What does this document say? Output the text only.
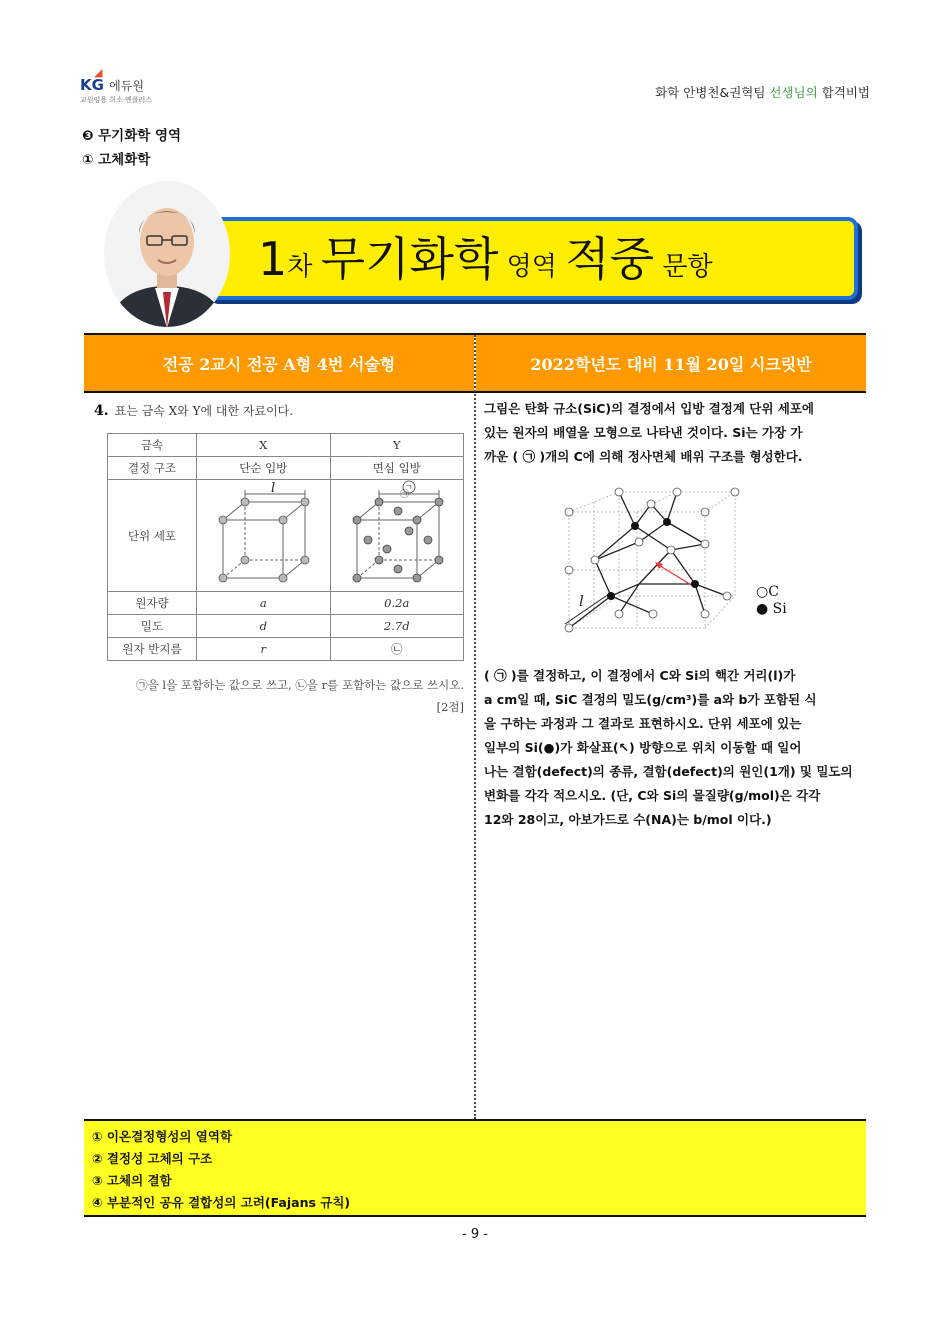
◢
KG 에듀원
교원임용 희소·멘플러스	화학 안병천&권혁팀 선생님의 합격비법
❸ 무기화학 영역
① 고체화학
1차 무기화학 영역 적중 문항
전공 2교시 전공 A형 4번 서술형	2022학년도 대비 11월 20일 시크릿반
4. 표는 금속 X와 Y에 대한 자료이다.
금속	X	Y
결정 구조	단순 입방	면심 입방
단위 세포	l	ㄱ

원자량	a	0.2a
밀도	d	2.7d
원자 반지름	r	㉡
㉠
㉠을 l을 포함하는 값으로 쓰고, ㉡을 r를 포함하는 값으로 쓰시오.
[2점]
그림은 탄화 규소(SiC)의 결정에서 입방 결정계 단위 세포에
있는 원자의 배열을 모형으로 나타낸 것이다. Si는 가장 가
까운 ( ㉠ )개의 C에 의해 정사면체 배위 구조를 형성한다.
l	○C
● Si
( ㉠ )를 결정하고, 이 결정에서 C와 Si의 핵간 거리(l)가
a cm일 때, SiC 결정의 밀도(g/cm³)를 a와 b가 포함된 식
을 구하는 과정과 그 결과로 표현하시오. 단위 세포에 있는
일부의 Si(●)가 화살표(↖) 방향으로 위치 이동할 때 일어
나는 결함(defect)의 종류, 결함(defect)의 원인(1개) 및 밀도의
변화를 각각 적으시오. (단, C와 Si의 몰질량(g/mol)은 각각
12와 28이고, 아보가드로 수(NA)는 b/mol 이다.)
① 이온결정형성의 열역학
② 결정성 고체의 구조
③ 고체의 결함
④ 부분적인 공유 결합성의 고려(Fajans 규칙)
- 9 -
